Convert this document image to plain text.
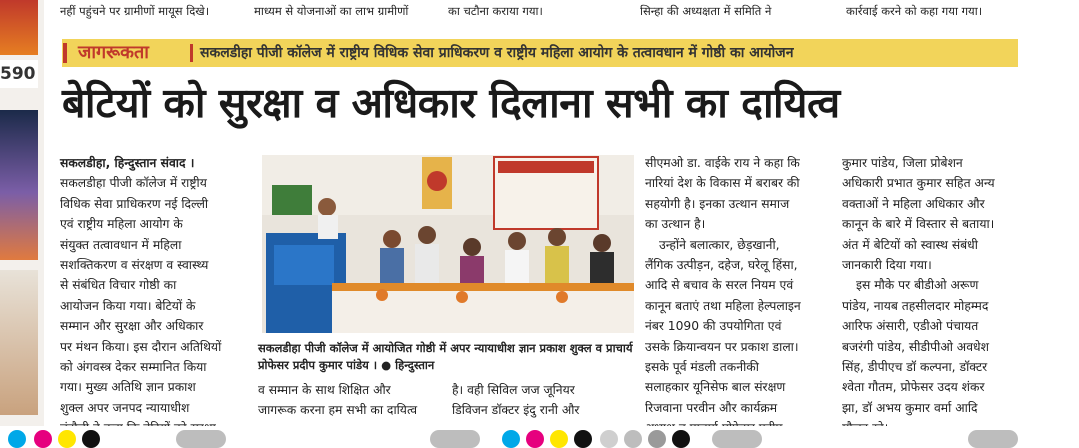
590
नहीं पहुंचने पर ग्रामीणों मायूस दिखे।	माध्यम से योजनाओं का लाभ ग्रामीणों	का चटौना कराया गया।	सिन्हा की अध्यक्षता में समिति ने	कार्रवाई करने को कहा गया गया।
जागरूकता	सकलडीहा पीजी कॉलेज में राष्ट्रीय विधिक सेवा प्राधिकरण व राष्ट्रीय महिला आयोग के तत्वावधान में गोष्ठी का आयोजन
बेटियों को सुरक्षा व अधिकार दिलाना सभी का दायित्व

सकलडीहा, हिन्दुस्तान संवाद ।

सकलडीहा पीजी कॉलेज में राष्ट्रीय

विधिक सेवा प्राधिकरण नई दिल्ली

एवं राष्ट्रीय महिला आयोग के

संयुक्त तत्वावधान में महिला

सशक्तिकरण व संरक्षण व स्वास्थ्य

से संबंधित विचार गोष्ठी का

आयोजन किया गया। बेटियों के

सम्मान और सुरक्षा और अधिकार

पर मंथन किया। इस दौरान अतिथियों

को अंगवस्त्र देकर सम्मानित किया

गया। मुख्य अतिथि ज्ञान प्रकाश

शुक्ल अपर जनपद न्यायाधीश

सकलडीहा पीजी कॉलेज में आयोजित गोष्ठी में अपर न्यायाधीश ज्ञान प्रकाश शुक्ल व प्राचार्य प्रोफेसर प्रदीप कुमार पांडेय । ● हिन्दुस्तान

व सम्मान के साथ शिक्षित और

जागरूक करना हम सभी का दायित्व

है। वही सिविल जज जूनियर

डिविजन डॉक्टर इंदु रानी और

सीएमओ डा. वाईके राय ने कहा कि

नारियां देश के विकास में बराबर की

सहयोगी है। इनका उत्थान समाज

का उत्थान है।

उन्होंने बलात्कार, छेड़खानी,

लैंगिक उत्पीड़न, दहेज, घरेलू हिंसा,

आदि से बचाव के सरल नियम एवं

कानून बताएं तथा महिला हेल्पलाइन

नंबर 1090 की उपयोगिता एवं

उसके क्रियान्वयन पर प्रकाश डाला।

इसके पूर्व मंडली तकनीकी

सलाहकार यूनिसेफ बाल संरक्षण

रिजवाना परवीन और कार्यक्रम

कुमार पांडेय, जिला प्रोबेशन

अधिकारी प्रभात कुमार सहित अन्य

वक्ताओं ने महिला अधिकार और

कानून के बारे में विस्तार से बताया।

अंत में बेटियों को स्वास्थ संबंधी

जानकारी दिया गया।

इस मौके पर बीडीओ अरूण

पांडेय, नायब तहसीलदार मोहम्मद

आरिफ अंसारी, एडीओ पंचायत

बजरंगी पांडेय, सीडीपीओ अवधेश

सिंह, डीपीएच डॉ कल्पना, डॉक्टर

श्वेता गौतम, प्रोफेसर उदय शंकर

झा, डॉ अभय कुमार वर्मा आदि
